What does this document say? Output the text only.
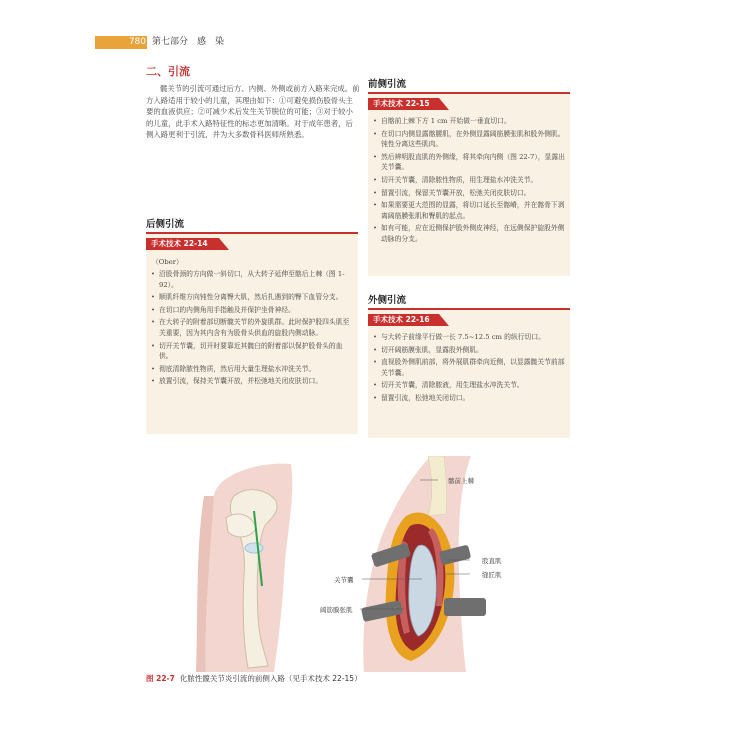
780 第七部分　感　染
二、引流

髋关节的引流可通过后方、内侧、外侧或前方入路来完成。前方入路适用于较小的儿童，其理由如下：①可避免损伤股骨头主要的血液供应；②可减少术后发生关节脱位的可能；③对于较小的儿童，此手术入路特征性的标志更加清晰。对于成年患者，后侧入路更利于引流，并为大多数骨科医师所熟悉。

后侧引流
手术技术 22-14
（Ober）
• 沿股骨颈的方向做一斜切口，从大转子延伸至髂后上棘（图 1-92）。
• 顺肌纤维方向钝性分离臀大肌，然后扎遇到的臀下血管分支。
• 在切口的内侧角用手指触及并保护坐骨神经。
• 在大转子的附着部切断髋关节的外旋肌群。此时保护股四头肌至关重要，因为其内含有为股骨头供血的旋股内侧动脉。
• 切开关节囊，切开时要靠近其髋臼的附着部以保护股骨头的血供。
• 彻底清除脓性物质，然后用大量生理盐水冲洗关节。
• 放置引流，保持关节囊开放，并松弛地关闭皮肤切口。
前侧引流
手术技术 22-15
• 自髂前上棘下方 1 cm 开始做一垂直切口。
• 在切口内侧显露髂腰肌，在外侧显露阔筋膜张肌和股外侧肌。钝性分离这些肌肉。
• 然后辨明股直肌的外侧缘，将其牵向内侧（图 22-7），显露出关节囊。
• 切开关节囊，清除脓性物质，用生理盐水冲洗关节。
• 留置引流，保留关节囊开放，松弛关闭皮肤切口。
• 如果需要更大范围的显露，将切口延长至髂嵴，并在髂骨下剥离阔筋膜张肌和臀肌的起点。
• 如有可能，应在近侧保护股外侧皮神经，在远侧保护旋股外侧动脉的分支。
外侧引流
手术技术 22-16
• 与大转子前缘平行做一长 7.5~12.5 cm 的纵行切口。
• 切开阔筋膜张肌，显露股外侧肌。
• 直视股外侧肌前部，将外展肌群牵向近侧，以显露髋关节前部关节囊。
• 切开关节囊，清除脓液，用生理盐水冲洗关节。
• 留置引流，松弛地关闭切口。
髂前上棘
股直肌
缝匠肌
关节囊
阔筋膜张肌
图 22-7 化脓性髋关节炎引流的前侧入路（见手术技术 22-15）
